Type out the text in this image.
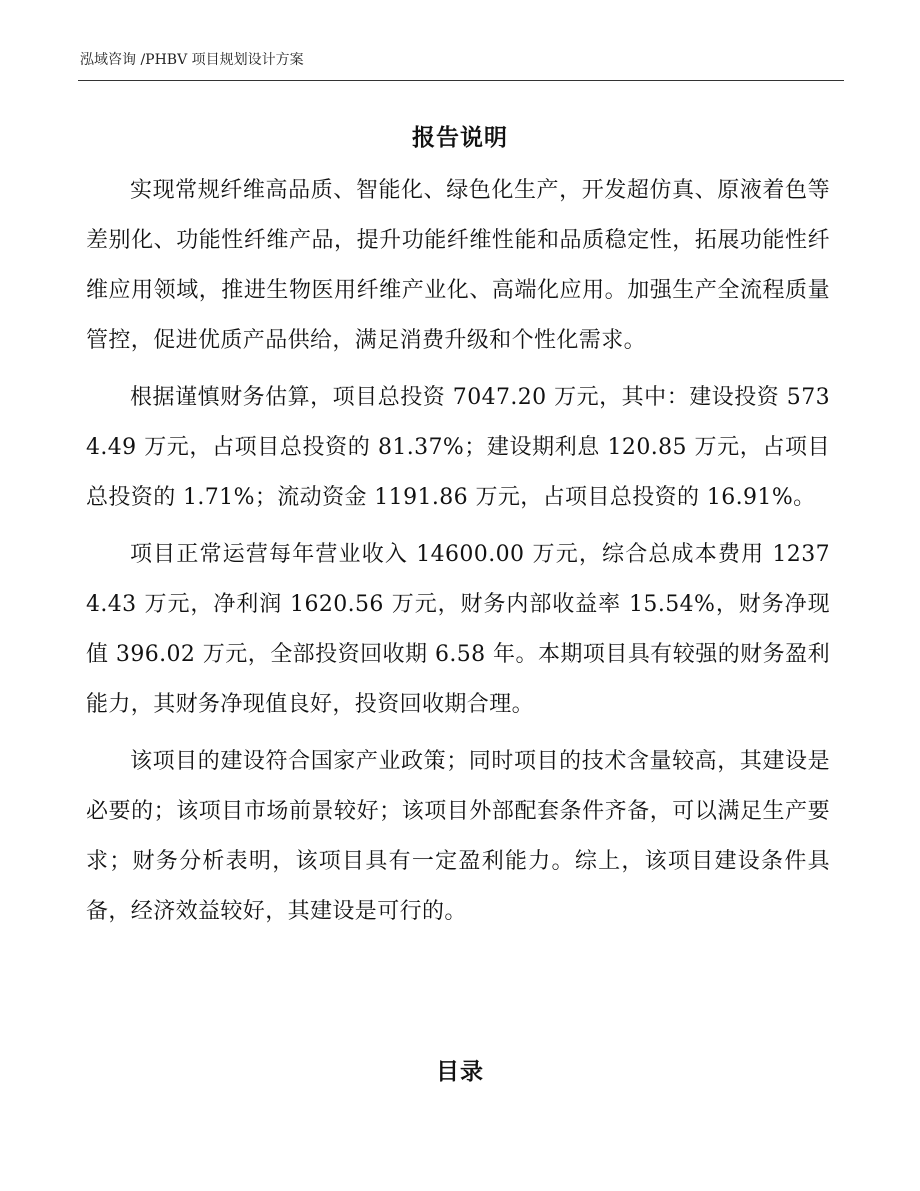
泓域咨询 /PHBV 项目规划设计方案
报告说明

实现常规纤维高品质、智能化、绿色化生产，开发超仿真、原液着色等差别化、功能性纤维产品，提升功能纤维性能和品质稳定性，拓展功能性纤维应用领域，推进生物医用纤维产业化、高端化应用。加强生产全流程质量管控，促进优质产品供给，满足消费升级和个性化需求。

根据谨慎财务估算，项目总投资 7047.20 万元，其中：建设投资 5734.49 万元，占项目总投资的 81.37%；建设期利息 120.85 万元，占项目总投资的 1.71%；流动资金 1191.86 万元，占项目总投资的 16.91%。

项目正常运营每年营业收入 14600.00 万元，综合总成本费用 12374.43 万元，净利润 1620.56 万元，财务内部收益率 15.54%，财务净现值 396.02 万元，全部投资回收期 6.58 年。本期项目具有较强的财务盈利能力，其财务净现值良好，投资回收期合理。

该项目的建设符合国家产业政策；同时项目的技术含量较高，其建设是必要的；该项目市场前景较好；该项目外部配套条件齐备，可以满足生产要求；财务分析表明，该项目具有一定盈利能力。综上，该项目建设条件具备，经济效益较好，其建设是可行的。

目录
